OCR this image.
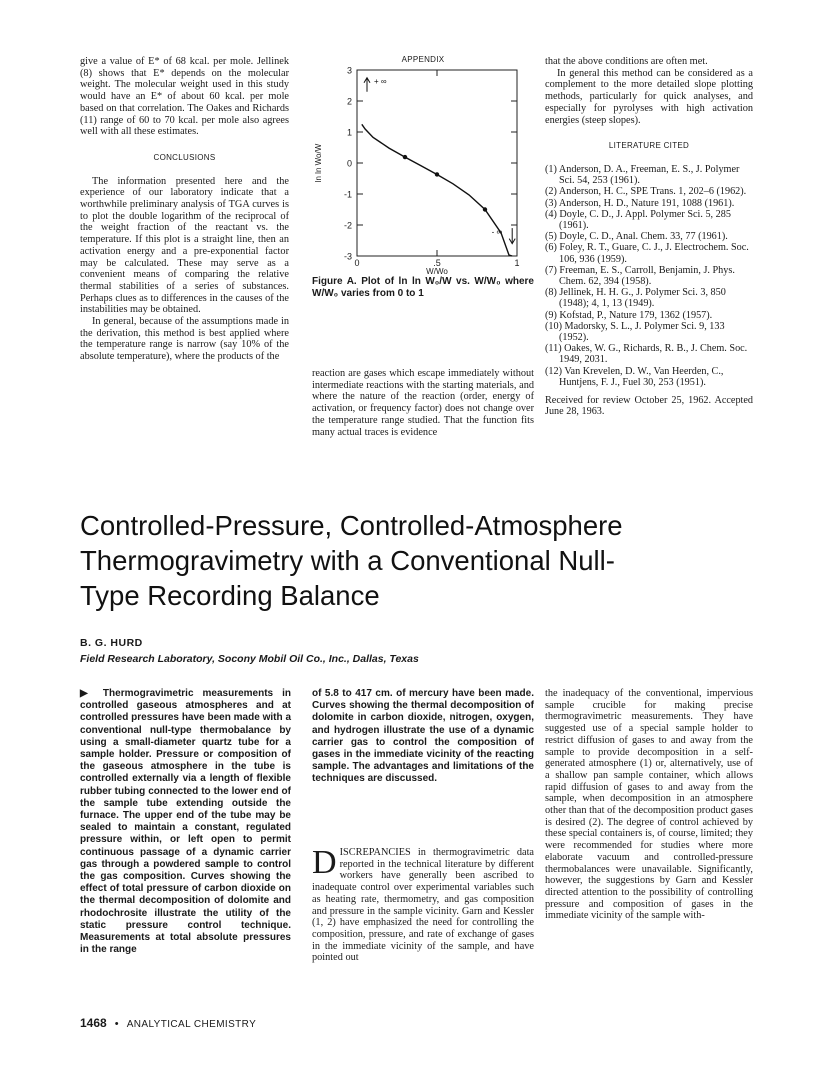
give a value of E* of 68 kcal. per mole. Jellinek (8) shows that E* depends on the molecular weight. The molecular weight used in this study would have an E* of about 60 kcal. per mole based on that correlation. The Oakes and Richards (11) range of 60 to 70 kcal. per mole also agrees well with all these estimates.

CONCLUSIONS

The information presented here and the experience of our laboratory indicate that a worthwhile preliminary analysis of TGA curves is to plot the double logarithm of the reciprocal of the weight fraction of the reactant vs. the temperature. If this plot is a straight line, then an activation energy and a pre-exponential factor may be calculated. These may serve as a convenient means of comparing the relative thermal stabilities of a series of substances. Perhaps clues as to differences in the causes of the instabilities may be obtained.

In general, because of the assumptions made in the derivation, this method is best applied where the temperature range is narrow (say 10% of the absolute temperature), where the products of the

APPENDIX
3
2
1
0
-1
-2
-3
0	.5	1
+ ∞
- ∞
ln ln Wo/W
W/Wo
Figure A. Plot of ln ln W₀/W vs. W/W₀ where W/W₀ varies from 0 to 1

reaction are gases which escape immediately without intermediate reactions with the starting materials, and where the nature of the reaction (order, energy of activation, or frequency factor) does not change over the temperature range studied. That the function fits many actual traces is evidence

that the above conditions are often met.

In general this method can be considered as a complement to the more detailed slope plotting methods, particularly for quick analyses, and especially for pyrolyses with high activation energies (steep slopes).

LITERATURE CITED
(1) Anderson, D. A., Freeman, E. S., J. Polymer Sci. 54, 253 (1961).
(2) Anderson, H. C., SPE Trans. 1, 202–6 (1962).
(3) Anderson, H. D., Nature 191, 1088 (1961).
(4) Doyle, C. D., J. Appl. Polymer Sci. 5, 285 (1961).
(5) Doyle, C. D., Anal. Chem. 33, 77 (1961).
(6) Foley, R. T., Guare, C. J., J. Electrochem. Soc. 106, 936 (1959).
(7) Freeman, E. S., Carroll, Benjamin, J. Phys. Chem. 62, 394 (1958).
(8) Jellinek, H. H. G., J. Polymer Sci. 3, 850 (1948); 4, 1, 13 (1949).
(9) Kofstad, P., Nature 179, 1362 (1957).
(10) Madorsky, S. L., J. Polymer Sci. 9, 133 (1952).
(11) Oakes, W. G., Richards, R. B., J. Chem. Soc. 1949, 2031.
(12) Van Krevelen, D. W., Van Heerden, C., Huntjens, F. J., Fuel 30, 253 (1951).

Received for review October 25, 1962. Accepted June 28, 1963.

Controlled-Pressure, Controlled-Atmosphere Thermogravimetry with a Conventional Null-Type Recording Balance
B. G. HURD
Field Research Laboratory, Socony Mobil Oil Co., Inc., Dallas, Texas
▶ Thermogravimetric measurements in controlled gaseous atmospheres and at controlled pressures have been made with a conventional null-type thermobalance by using a small-diameter quartz tube for a sample holder. Pressure or composition of the gaseous atmosphere in the tube is controlled externally via a length of flexible rubber tubing connected to the lower end of the sample tube extending outside the furnace. The upper end of the tube may be sealed to maintain a constant, regulated pressure within, or left open to permit continuous passage of a dynamic carrier gas through a powdered sample to control the gas composition. Curves showing the effect of total pressure of carbon dioxide on the thermal decomposition of dolomite and rhodochrosite illustrate the utility of the static pressure control technique. Measurements at total absolute pressures in the range
of 5.8 to 417 cm. of mercury have been made. Curves showing the thermal decomposition of dolomite in carbon dioxide, nitrogen, oxygen, and hydrogen illustrate the use of a dynamic carrier gas to control the composition of gases in the immediate vicinity of the reacting sample. The advantages and limitations of the techniques are discussed.

DISCREPANCIES in thermogravimetric data reported in the technical literature by different workers have generally been ascribed to inadequate control over experimental variables such as heating rate, thermometry, and gas composition and pressure in the sample vicinity. Garn and Kessler (1, 2) have emphasized the need for controlling the composition, pressure, and rate of exchange of gases in the immediate vicinity of the sample, and have pointed out

the inadequacy of the conventional, impervious sample crucible for making precise thermogravimetric measurements. They have suggested use of a special sample holder to restrict diffusion of gases to and away from the sample to provide decomposition in a self-generated atmosphere (1) or, alternatively, use of a shallow pan sample container, which allows rapid diffusion of gases to and away from the sample, when decomposition in an atmosphere other than that of the decomposition product gases is desired (2). The degree of control achieved by these special containers is, of course, limited; they were recommended for studies where more elaborate vacuum and controlled-pressure thermobalances were unavailable. Significantly, however, the suggestions by Garn and Kessler directed attention to the possibility of controlling pressure and composition of gases in the immediate vicinity of the sample with-

1468 • ANALYTICAL CHEMISTRY
